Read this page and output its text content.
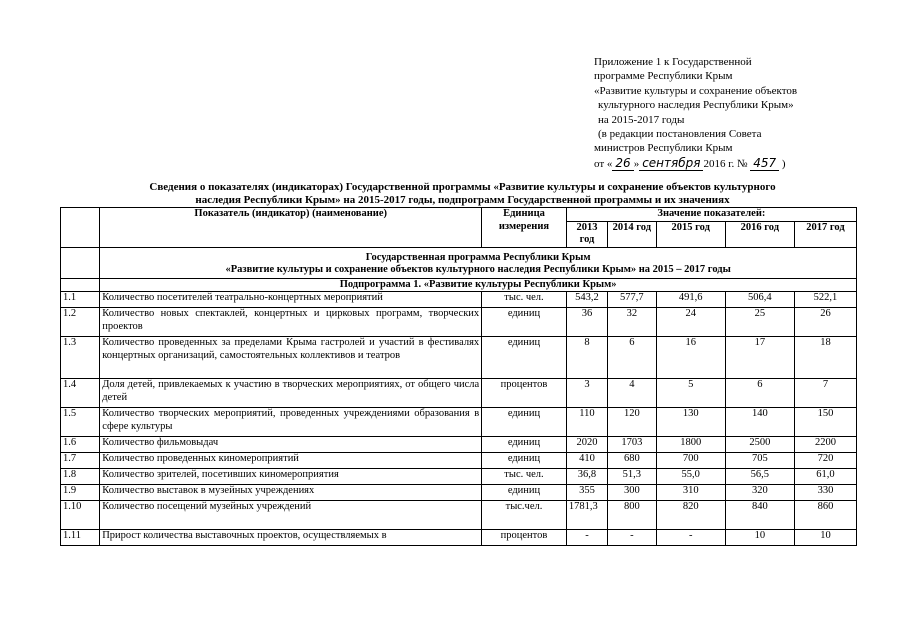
Приложение 1 к Государственной
программе Республики Крым
«Развитие культуры и сохранение объектов
культурного наследия Республики Крым»
на 2015-2017 годы
(в редакции постановления Совета
министров Республики Крым
от « 26 » сентября 2016 г. № 457 )
Сведения о показателях (индикаторах) Государственной программы «Развитие культуры и сохранение объектов культурного
наследия Республики Крым» на 2015-2017 годы, подпрограмм Государственной программы и их значениях
	Показатель (индикатор) (наименование)	Единица измерения	Значение показателей:				
			2013 год	2014 год	2015 год	2016 год	2017 год

	Государственная программа Республики Крым
«Развитие культуры и сохранение объектов культурного наследия Республики Крым» на 2015 – 2017 годы						

	Подпрограмма 1. «Развитие культуры Республики Крым»						
1.1	Количество посетителей театрально-концертных мероприятий	тыс. чел.	543,2	577,7	491,6	506,4	522,1
1.2	Количество новых спектаклей, концертных и цирковых программ, творческих проектов	единиц	36	32	24	25	26
1.3	Количество проведенных за пределами Крыма гастролей и участий в фестивалях концертных организаций, самостоятельных коллективов и театров	единиц	8	6	16	17	18
1.4	Доля детей, привлекаемых к участию в творческих мероприятиях, от общего числа детей	процентов	3	4	5	6	7
1.5	Количество творческих мероприятий, проведенных учреждениями образования в сфере культуры	единиц	110	120	130	140	150
1.6	Количество фильмовыдач	единиц	2020	1703	1800	2500	2200
1.7	Количество проведенных киномероприятий	единиц	410	680	700	705	720
1.8	Количество зрителей, посетивших киномероприятия	тыс. чел.	36,8	51,3	55,0	56,5	61,0
1.9	Количество выставок в музейных учреждениях	единиц	355	300	310	320	330
1.10	Количество посещений музейных учреждений	тыс.чел.	1781,3	800	820	840	860
1.11	Прирост количества выставочных проектов, осуществляемых в	процентов	-	-	-	10	10
